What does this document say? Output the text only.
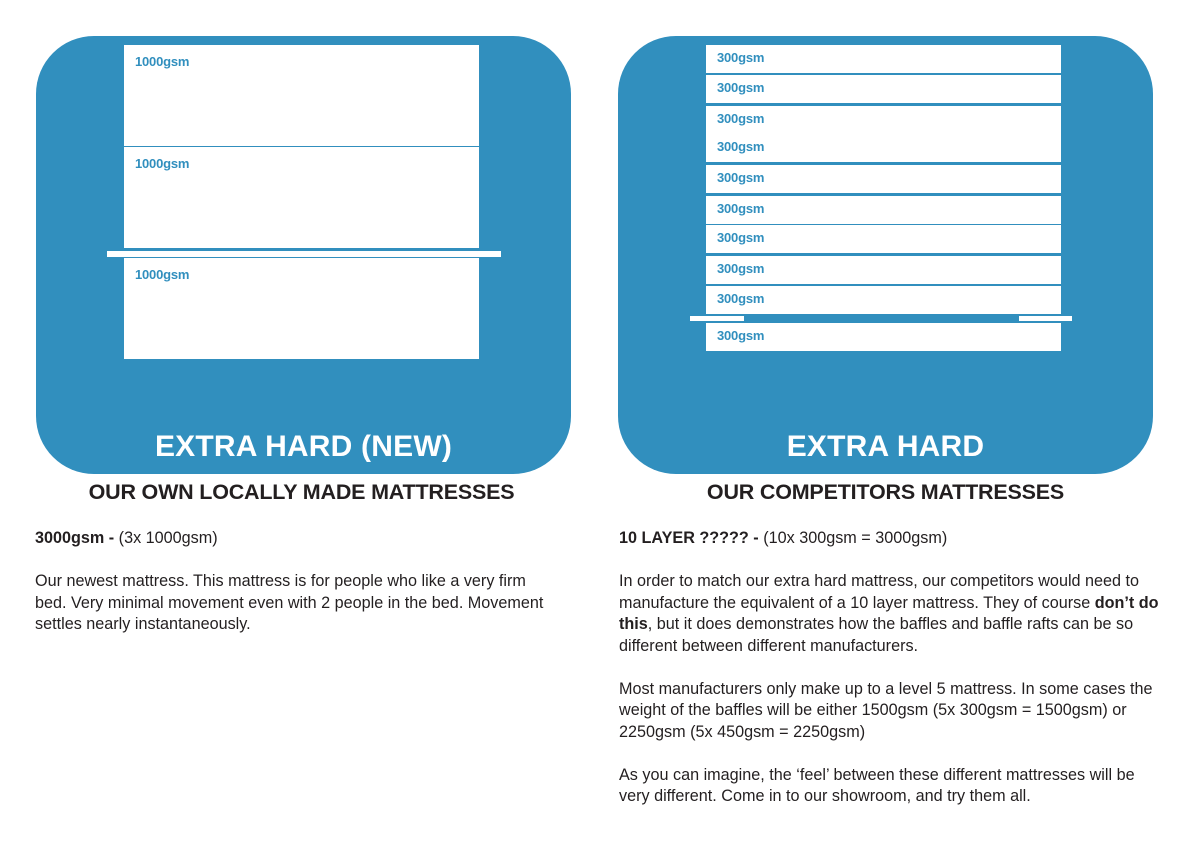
1000gsm
1000gsm
1000gsm
EXTRA HARD (NEW)
300gsm
300gsm
300gsm
300gsm
300gsm
300gsm
300gsm
300gsm
300gsm
300gsm
EXTRA HARD
OUR OWN LOCALLY MADE MATTRESSES	OUR COMPETITORS MATTRESSES

3000gsm - (3x 1000gsm)

Our newest mattress. This mattress is for people who like a very firm bed. Very minimal movement even with 2 people in the bed. Movement settles nearly instantaneously.

10 LAYER ????? - (10x 300gsm = 3000gsm)

In order to match our extra hard mattress, our competitors would need to manufacture the equivalent of a 10 layer mattress. They of course don’t do this, but it does demonstrates how the baffles and baffle rafts can be so different between different manufacturers.

Most manufacturers only make up to a level 5 mattress. In some cases the weight of the baffles will be either 1500gsm (5x 300gsm = 1500gsm) or 2250gsm (5x 450gsm = 2250gsm)

As you can imagine, the ‘feel’ between these different mattresses will be very different. Come in to our showroom, and try them all.
